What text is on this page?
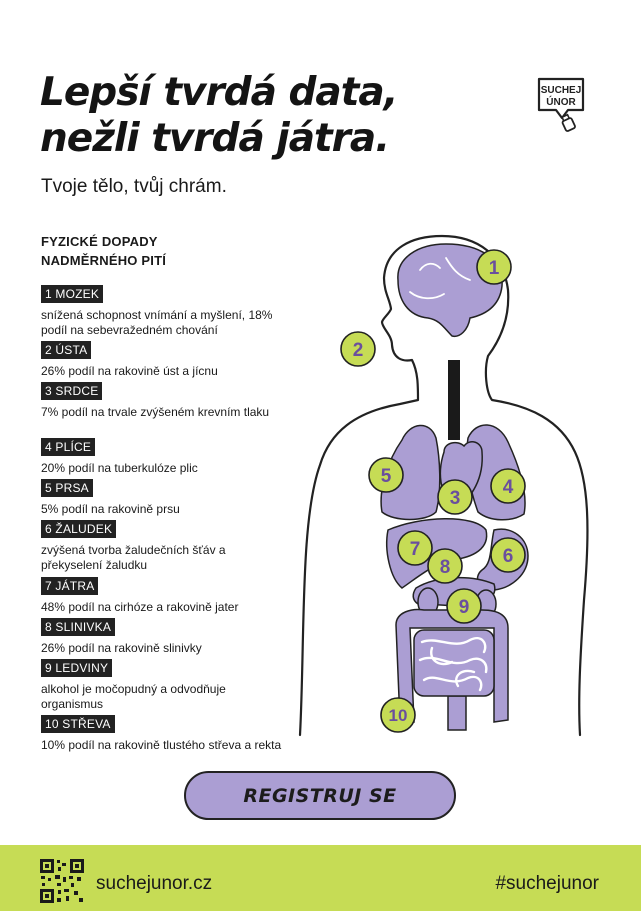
Lepší tvrdá data,
nežli tvrdá játra.
Tvoje tělo, tvůj chrám.
SUCHEJ
ÚNOR
FYZICKÉ DOPADY
NADMĚRNÉHO PITÍ
1 MOZEK
snížená schopnost vnímání a myšlení, 18% podíl na sebevražedném chování
2 ÚSTA
26% podíl na rakovině úst a jícnu
3 SRDCE
7% podíl na trvale zvýšeném krevním tlaku
4 PLÍCE
20% podíl na tuberkulóze plic
5 PRSA
5% podíl na rakovině prsu
6 ŽALUDEK
zvýšená tvorba žaludečních šťáv a překyselení žaludku
7 JÁTRA
48% podíl na cirhóze a rakovině jater
8 SLINIVKA
26% podíl na rakovině slinivky
9 LEDVINY
alkohol je močopudný a odvodňuje organismus
10 STŘEVA
10% podíl na rakovině tlustého střeva a rekta
1
2
3
4
5
6
7
8
9
10
REGISTRUJ SE
suchejunor.cz	#suchejunor
